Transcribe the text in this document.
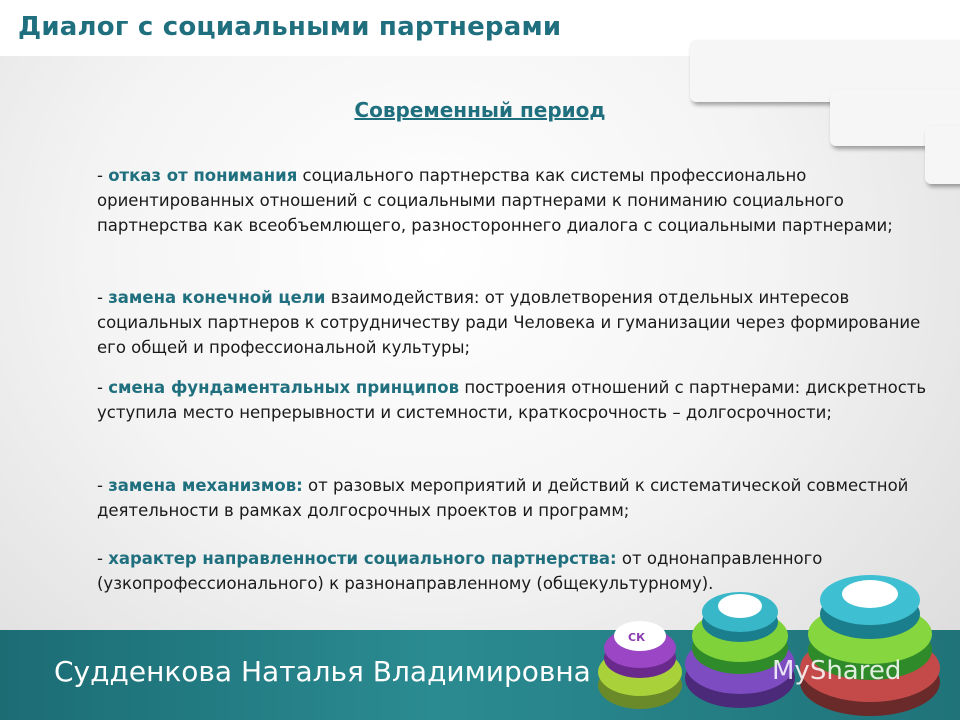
Диалог с социальными партнерами
Современный период
- отказ от понимания социального партнерства как системы профессионально ориентированных отношений с социальными партнерами к пониманию социального партнерства как всеобъемлющего, разностороннего диалога с социальными партнерами;
- замена конечной цели взаимодействия: от удовлетворения отдельных интересов социальных партнеров к сотрудничеству ради Человека и гуманизации через формирование его общей и профессиональной культуры;
- смена фундаментальных принципов построения отношений с партнерами: дискретность уступила место непрерывности и системности, краткосрочность – долгосрочности;
- замена механизмов: от разовых мероприятий и действий к систематической совместной деятельности в рамках долгосрочных проектов и программ;
- характер направленности социального партнерства: от однонаправленного (узкопрофессионального) к разнонаправленному (общекультурному).
Судденкова Наталья Владимировна
СК
MyShared
